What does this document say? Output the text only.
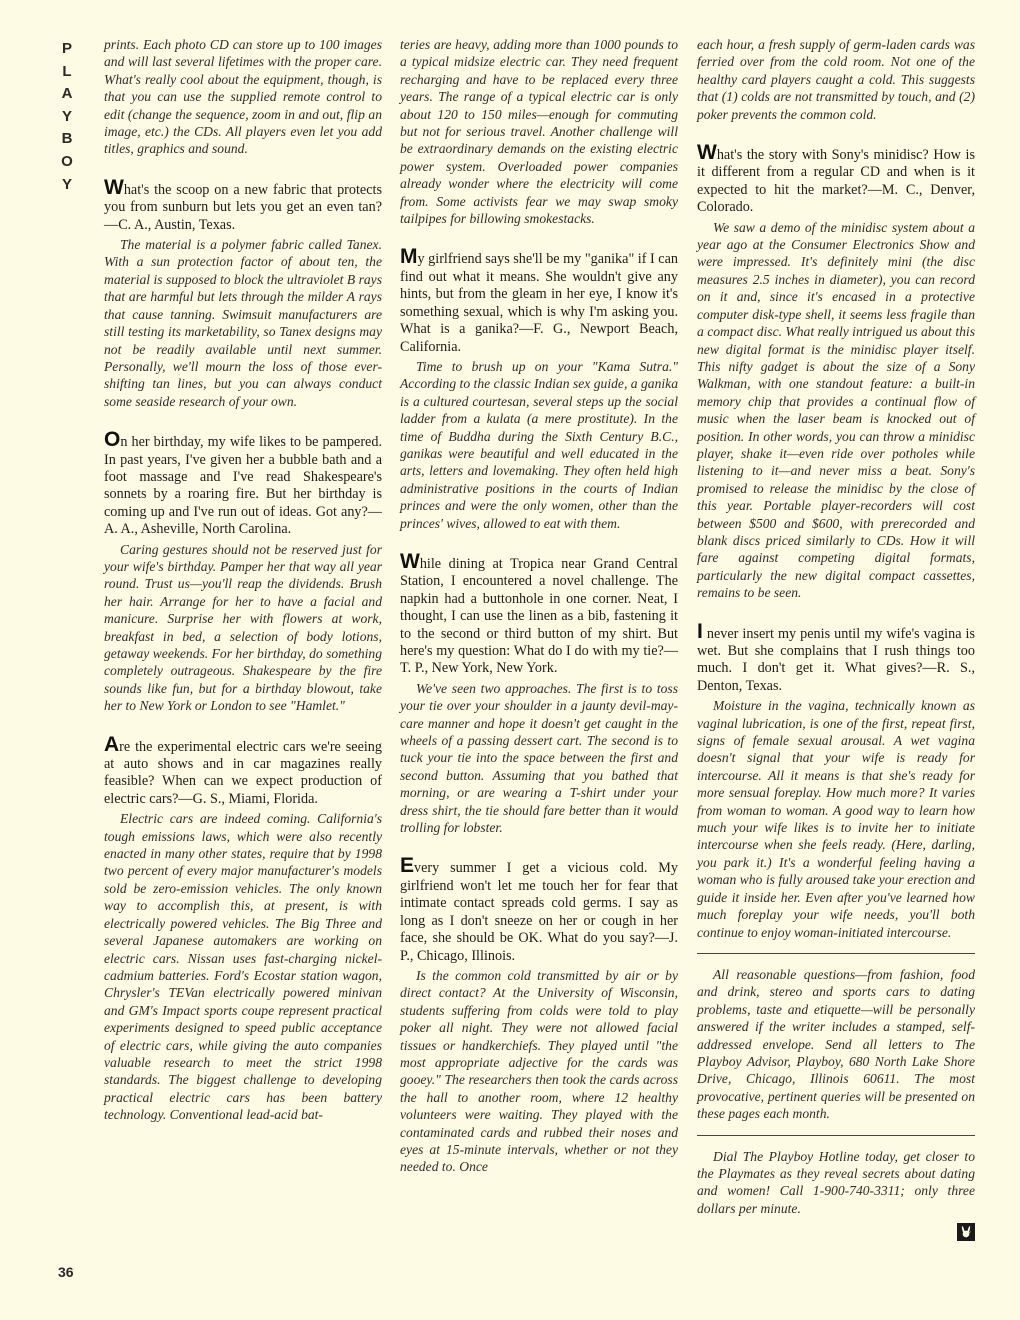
P
L
A
Y
B
O
Y
36

prints. Each photo CD can store up to 100 images and will last several lifetimes with the proper care. What's really cool about the equipment, though, is that you can use the supplied remote control to edit (change the sequence, zoom in and out, flip an image, etc.) the CDs. All players even let you add titles, graphics and sound.

What's the scoop on a new fabric that protects you from sunburn but lets you get an even tan?—C. A., Austin, Texas.

The material is a polymer fabric called Tanex. With a sun protection factor of about ten, the material is supposed to block the ultraviolet B rays that are harmful but lets through the milder A rays that cause tanning. Swimsuit manufacturers are still testing its marketability, so Tanex designs may not be readily available until next summer. Personally, we'll mourn the loss of those ever-shifting tan lines, but you can always conduct some seaside research of your own.

On her birthday, my wife likes to be pampered. In past years, I've given her a bubble bath and a foot massage and I've read Shakespeare's sonnets by a roaring fire. But her birthday is coming up and I've run out of ideas. Got any?—A. A., Asheville, North Carolina.

Caring gestures should not be reserved just for your wife's birthday. Pamper her that way all year round. Trust us—you'll reap the dividends. Brush her hair. Arrange for her to have a facial and manicure. Surprise her with flowers at work, breakfast in bed, a selection of body lotions, getaway weekends. For her birthday, do something completely outrageous. Shakespeare by the fire sounds like fun, but for a birthday blowout, take her to New York or London to see "Hamlet."

Are the experimental electric cars we're seeing at auto shows and in car magazines really feasible? When can we expect production of electric cars?—G. S., Miami, Florida.

Electric cars are indeed coming. California's tough emissions laws, which were also recently enacted in many other states, require that by 1998 two percent of every major manufacturer's models sold be zero-emission vehicles. The only known way to accomplish this, at present, is with electrically powered vehicles. The Big Three and several Japanese automakers are working on electric cars. Nissan uses fast-charging nickel-cadmium batteries. Ford's Ecostar station wagon, Chrysler's TEVan electrically powered minivan and GM's Impact sports coupe represent practical experiments designed to speed public acceptance of electric cars, while giving the auto companies valuable research to meet the strict 1998 standards. The biggest challenge to developing practical electric cars has been battery technology. Conventional lead-acid bat-

teries are heavy, adding more than 1000 pounds to a typical midsize electric car. They need frequent recharging and have to be replaced every three years. The range of a typical electric car is only about 120 to 150 miles—enough for commuting but not for serious travel. Another challenge will be extraordinary demands on the existing electric power system. Overloaded power companies already wonder where the electricity will come from. Some activists fear we may swap smoky tailpipes for billowing smokestacks.

My girlfriend says she'll be my "ganika" if I can find out what it means. She wouldn't give any hints, but from the gleam in her eye, I know it's something sexual, which is why I'm asking you. What is a ganika?—F. G., Newport Beach, California.

Time to brush up on your "Kama Sutra." According to the classic Indian sex guide, a ganika is a cultured courtesan, several steps up the social ladder from a kulata (a mere prostitute). In the time of Buddha during the Sixth Century B.C., ganikas were beautiful and well educated in the arts, letters and lovemaking. They often held high administrative positions in the courts of Indian princes and were the only women, other than the princes' wives, allowed to eat with them.

While dining at Tropica near Grand Central Station, I encountered a novel challenge. The napkin had a buttonhole in one corner. Neat, I thought, I can use the linen as a bib, fastening it to the second or third button of my shirt. But here's my question: What do I do with my tie?—T. P., New York, New York.

We've seen two approaches. The first is to toss your tie over your shoulder in a jaunty devil-may-care manner and hope it doesn't get caught in the wheels of a passing dessert cart. The second is to tuck your tie into the space between the first and second button. Assuming that you bathed that morning, or are wearing a T-shirt under your dress shirt, the tie should fare better than it would trolling for lobster.

Every summer I get a vicious cold. My girlfriend won't let me touch her for fear that intimate contact spreads cold germs. I say as long as I don't sneeze on her or cough in her face, she should be OK. What do you say?—J. P., Chicago, Illinois.

Is the common cold transmitted by air or by direct contact? At the University of Wisconsin, students suffering from colds were told to play poker all night. They were not allowed facial tissues or handkerchiefs. They played until "the most appropriate adjective for the cards was gooey." The researchers then took the cards across the hall to another room, where 12 healthy volunteers were waiting. They played with the contaminated cards and rubbed their noses and eyes at 15-minute intervals, whether or not they needed to. Once

each hour, a fresh supply of germ-laden cards was ferried over from the cold room. Not one of the healthy card players caught a cold. This suggests that (1) colds are not transmitted by touch, and (2) poker prevents the common cold.

What's the story with Sony's minidisc? How is it different from a regular CD and when is it expected to hit the market?—M. C., Denver, Colorado.

We saw a demo of the minidisc system about a year ago at the Consumer Electronics Show and were impressed. It's definitely mini (the disc measures 2.5 inches in diameter), you can record on it and, since it's encased in a protective computer disk-type shell, it seems less fragile than a compact disc. What really intrigued us about this new digital format is the minidisc player itself. This nifty gadget is about the size of a Sony Walkman, with one standout feature: a built-in memory chip that provides a continual flow of music when the laser beam is knocked out of position. In other words, you can throw a minidisc player, shake it—even ride over potholes while listening to it—and never miss a beat. Sony's promised to release the minidisc by the close of this year. Portable player-recorders will cost between $500 and $600, with prerecorded and blank discs priced similarly to CDs. How it will fare against competing digital formats, particularly the new digital compact cassettes, remains to be seen.

I never insert my penis until my wife's vagina is wet. But she complains that I rush things too much. I don't get it. What gives?—R. S., Denton, Texas.

Moisture in the vagina, technically known as vaginal lubrication, is one of the first, repeat first, signs of female sexual arousal. A wet vagina doesn't signal that your wife is ready for intercourse. All it means is that she's ready for more sensual foreplay. How much more? It varies from woman to woman. A good way to learn how much your wife likes is to invite her to initiate intercourse when she feels ready. (Here, darling, you park it.) It's a wonderful feeling having a woman who is fully aroused take your erection and guide it inside her. Even after you've learned how much foreplay your wife needs, you'll both continue to enjoy woman-initiated intercourse.

All reasonable questions—from fashion, food and drink, stereo and sports cars to dating problems, taste and etiquette—will be personally answered if the writer includes a stamped, self-addressed envelope. Send all letters to The Playboy Advisor, Playboy, 680 North Lake Shore Drive, Chicago, Illinois 60611. The most provocative, pertinent queries will be presented on these pages each month.

Dial The Playboy Hotline today, get closer to the Playmates as they reveal secrets about dating and women! Call 1-900-740-3311; only three dollars per minute.
